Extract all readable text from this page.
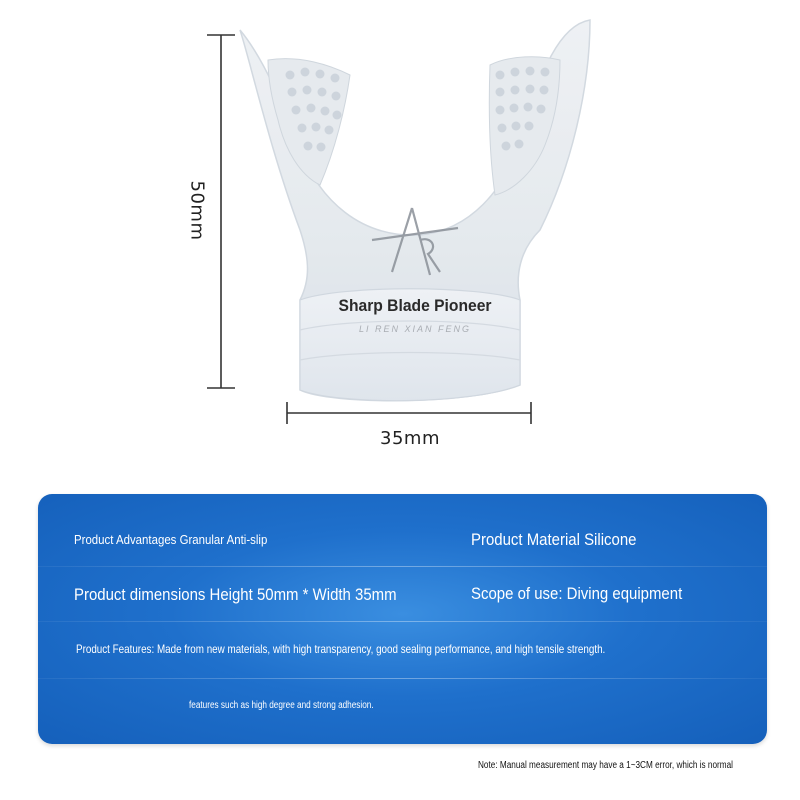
50mm
35mm
Sharp Blade Pioneer
LI REN XIAN FENG
Product Advantages Granular Anti-slip	Product Material Silicone
Product dimensions Height 50mm * Width 35mm	Scope of use: Diving equipment
Product Features: Made from new materials, with high transparency, good sealing performance, and high tensile strength.
features such as high degree and strong adhesion.
Note: Manual measurement may have a 1~3CM error, which is normal
